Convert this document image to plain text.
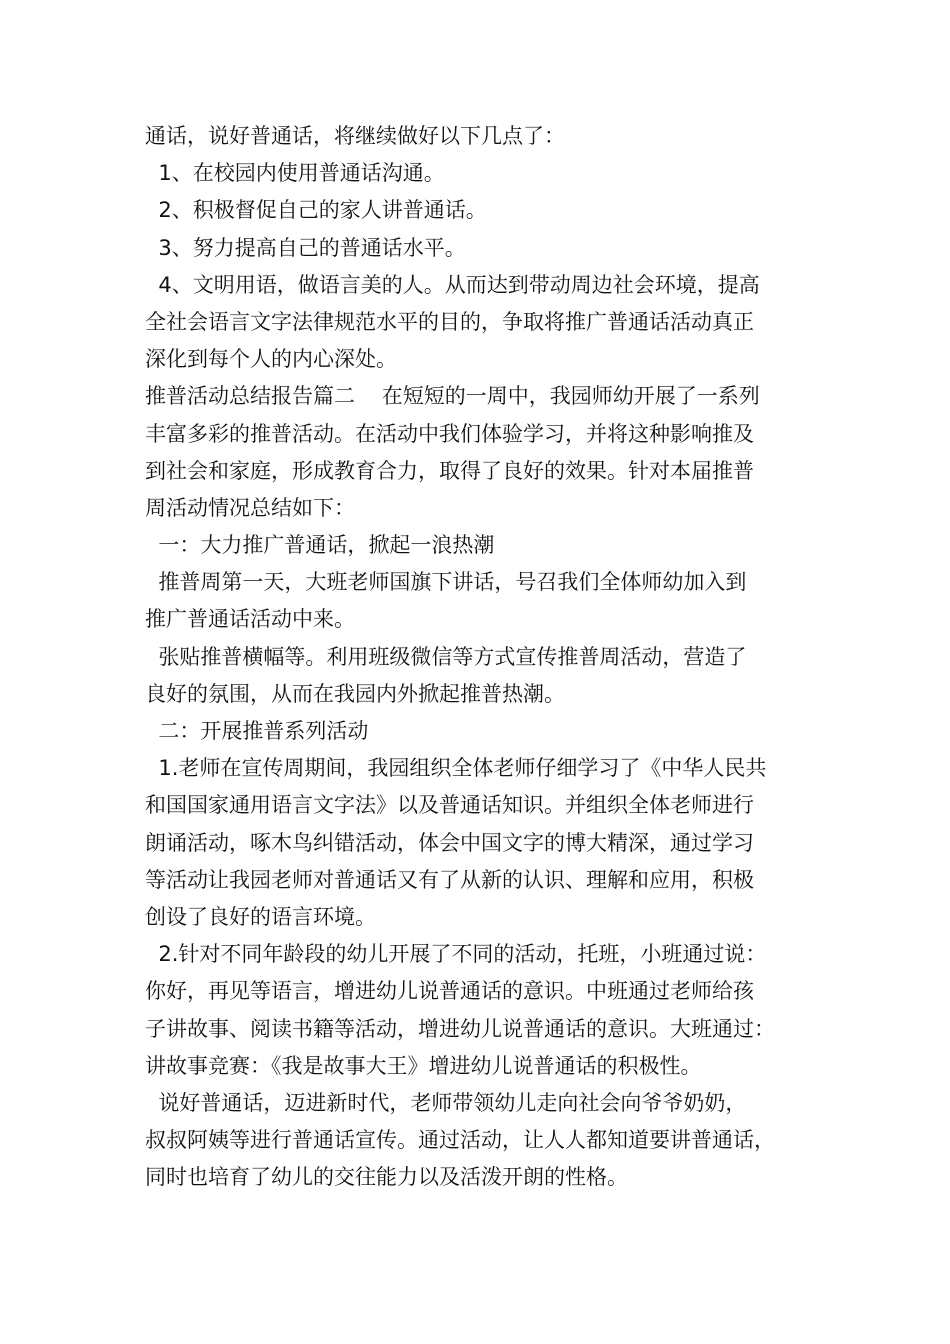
通话，说好普通话，将继续做好以下几点了：
1、在校园内使用普通话沟通。
2、积极督促自己的家人讲普通话。
3、努力提高自己的普通话水平。
4、文明用语，做语言美的人。从而达到带动周边社会环境，提高
全社会语言文字法律规范水平的目的，争取将推广普通话活动真正
深化到每个人的内心深处。
推普活动总结报告篇二    在短短的一周中，我园师幼开展了一系列
丰富多彩的推普活动。在活动中我们体验学习，并将这种影响推及
到社会和家庭，形成教育合力，取得了良好的效果。针对本届推普
周活动情况总结如下：
一：大力推广普通话，掀起一浪热潮
推普周第一天，大班老师国旗下讲话，号召我们全体师幼加入到
推广普通话活动中来。
张贴推普横幅等。利用班级微信等方式宣传推普周活动，营造了
良好的氛围，从而在我园内外掀起推普热潮。
二：开展推普系列活动
1.老师在宣传周期间，我园组织全体老师仔细学习了《中华人民共
和国国家通用语言文字法》以及普通话知识。并组织全体老师进行
朗诵活动，啄木鸟纠错活动，体会中国文字的博大精深，通过学习
等活动让我园老师对普通话又有了从新的认识、理解和应用，积极
创设了良好的语言环境。
2.针对不同年龄段的幼儿开展了不同的活动，托班，小班通过说：
你好，再见等语言，增进幼儿说普通话的意识。中班通过老师给孩
子讲故事、阅读书籍等活动，增进幼儿说普通话的意识。大班通过：
讲故事竞赛：《我是故事大王》增进幼儿说普通话的积极性。
说好普通话，迈进新时代，老师带领幼儿走向社会向爷爷奶奶，
叔叔阿姨等进行普通话宣传。通过活动，让人人都知道要讲普通话，
同时也培育了幼儿的交往能力以及活泼开朗的性格。
